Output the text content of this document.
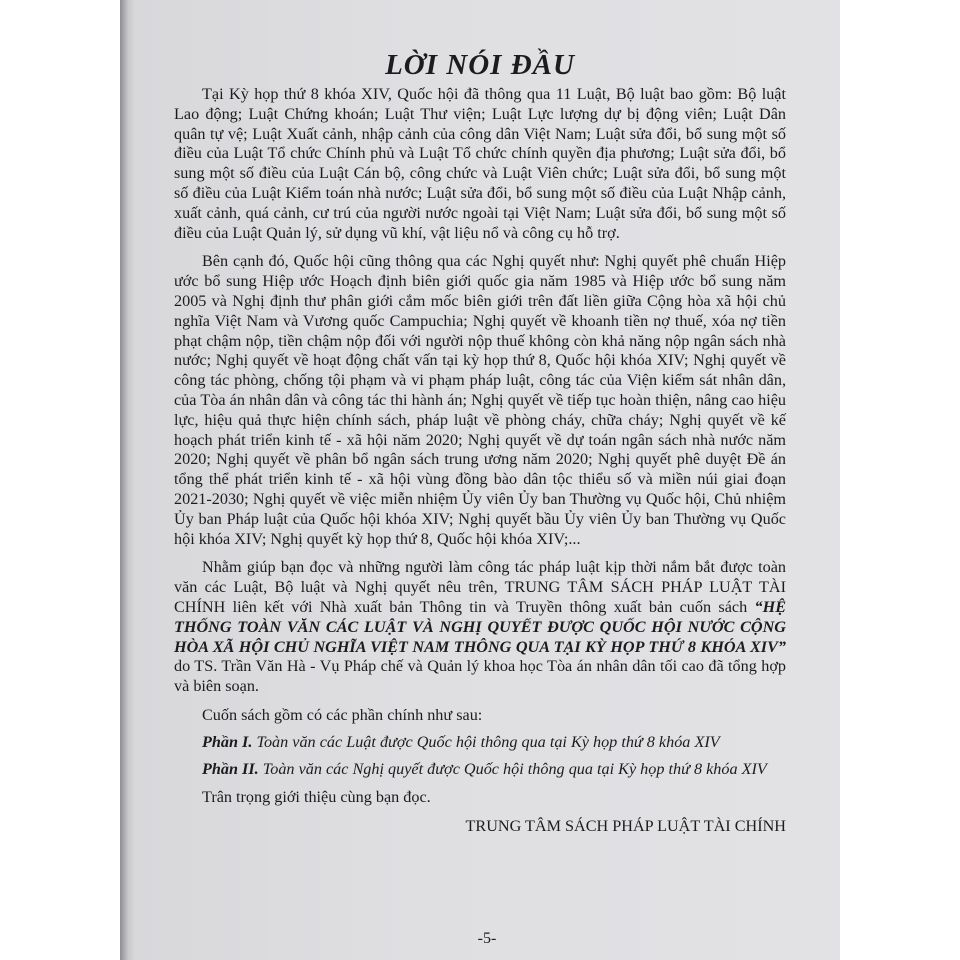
LỜI NÓI ĐẦU

Tại Kỳ họp thứ 8 khóa XIV, Quốc hội đã thông qua 11 Luật, Bộ luật bao gồm: Bộ luật Lao động; Luật Chứng khoán; Luật Thư viện; Luật Lực lượng dự bị động viên; Luật Dân quân tự vệ; Luật Xuất cảnh, nhập cảnh của công dân Việt Nam; Luật sửa đổi, bổ sung một số điều của Luật Tổ chức Chính phủ và Luật Tổ chức chính quyền địa phương; Luật sửa đổi, bổ sung một số điều của Luật Cán bộ, công chức và Luật Viên chức; Luật sửa đổi, bổ sung một số điều của Luật Kiểm toán nhà nước; Luật sửa đổi, bổ sung một số điều của Luật Nhập cảnh, xuất cảnh, quá cảnh, cư trú của người nước ngoài tại Việt Nam; Luật sửa đổi, bổ sung một số điều của Luật Quản lý, sử dụng vũ khí, vật liệu nổ và công cụ hỗ trợ.

Bên cạnh đó, Quốc hội cũng thông qua các Nghị quyết như: Nghị quyết phê chuẩn Hiệp ước bổ sung Hiệp ước Hoạch định biên giới quốc gia năm 1985 và Hiệp ước bổ sung năm 2005 và Nghị định thư phân giới cắm mốc biên giới trên đất liền giữa Cộng hòa xã hội chủ nghĩa Việt Nam và Vương quốc Campuchia; Nghị quyết về khoanh tiền nợ thuế, xóa nợ tiền phạt chậm nộp, tiền chậm nộp đối với người nộp thuế không còn khả năng nộp ngân sách nhà nước; Nghị quyết về hoạt động chất vấn tại kỳ họp thứ 8, Quốc hội khóa XIV; Nghị quyết về công tác phòng, chống tội phạm và vi phạm pháp luật, công tác của Viện kiểm sát nhân dân, của Tòa án nhân dân và công tác thi hành án; Nghị quyết về tiếp tục hoàn thiện, nâng cao hiệu lực, hiệu quả thực hiện chính sách, pháp luật về phòng cháy, chữa cháy; Nghị quyết về kế hoạch phát triển kinh tế - xã hội năm 2020; Nghị quyết về dự toán ngân sách nhà nước năm 2020; Nghị quyết về phân bổ ngân sách trung ương năm 2020; Nghị quyết phê duyệt Đề án tổng thể phát triển kinh tế - xã hội vùng đồng bào dân tộc thiểu số và miền núi giai đoạn 2021-2030; Nghị quyết về việc miễn nhiệm Ủy viên Ủy ban Thường vụ Quốc hội, Chủ nhiệm Ủy ban Pháp luật của Quốc hội khóa XIV; Nghị quyết bầu Ủy viên Ủy ban Thường vụ Quốc hội khóa XIV; Nghị quyết kỳ họp thứ 8, Quốc hội khóa XIV;...

Nhằm giúp bạn đọc và những người làm công tác pháp luật kịp thời nắm bắt được toàn văn các Luật, Bộ luật và Nghị quyết nêu trên, TRUNG TÂM SÁCH PHÁP LUẬT TÀI CHÍNH liên kết với Nhà xuất bản Thông tin và Truyền thông xuất bản cuốn sách “HỆ THỐNG TOÀN VĂN CÁC LUẬT VÀ NGHỊ QUYẾT ĐƯỢC QUỐC HỘI NƯỚC CỘNG HÒA XÃ HỘI CHỦ NGHĨA VIỆT NAM THÔNG QUA TẠI KỲ HỌP THỨ 8 KHÓA XIV” do TS. Trần Văn Hà - Vụ Pháp chế và Quản lý khoa học Tòa án nhân dân tối cao đã tổng hợp và biên soạn.

Cuốn sách gồm có các phần chính như sau:

Phần I. Toàn văn các Luật được Quốc hội thông qua tại Kỳ họp thứ 8 khóa XIV

Phần II. Toàn văn các Nghị quyết được Quốc hội thông qua tại Kỳ họp thứ 8 khóa XIV

Trân trọng giới thiệu cùng bạn đọc.

TRUNG TÂM SÁCH PHÁP LUẬT TÀI CHÍNH

-5-
